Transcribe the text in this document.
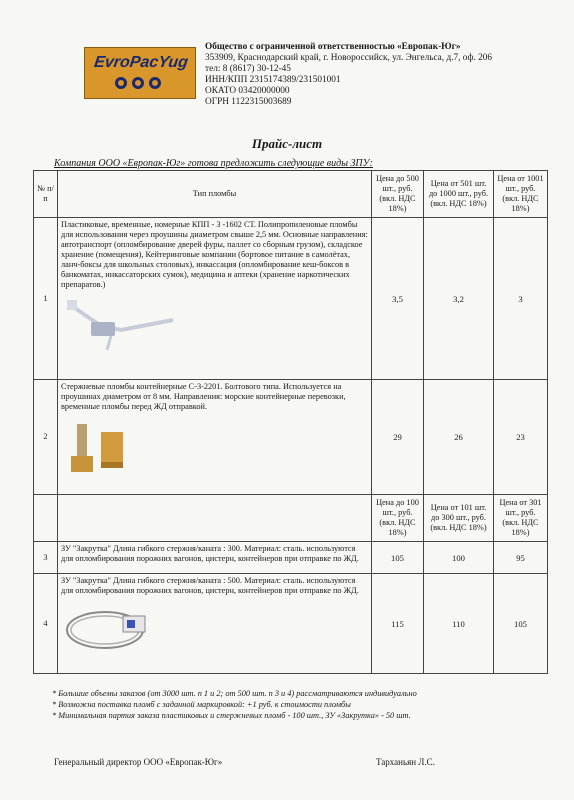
EvroPacYug
Общество с ограниченной ответственностью «Европак-Юг»
353909, Краснодарский край, г. Новороссийск, ул. Энгельса, д.7, оф. 206
тел: 8 (8617) 30-12-45
ИНН/КПП 2315174389/231501001
ОКАТО 03420000000
ОГРН 1122315003689
Прайс-лист
Компания ООО «Европак-Юг» готова предложить следующие виды ЗПУ:
№ п/п	Тип пломбы	Цена до 500 шт., руб. (вкл. НДС 18%)	Цена от 501 шт. до 1000 шт., руб. (вкл. НДС 18%)	Цена от 1001 шт., руб. (вкл. НДС 18%)
1	Пластиковые, временные, номерные КПП - 3 -1602 СТ. Полипропиленовые пломбы для использования через проушины диаметром свыше 2,5 мм. Основные направления: автотранспорт (опломбирование дверей фуры, паллет со сборным грузом), складское хранение (помещения), Кейтеринговые компании (бортовое питание в самолётах, ланч-боксы для школьных столовых), инкассация (опломбирование кеш-боксов в банкоматах, инкассаторских сумок), медицина и аптеки (хранение наркотических препаратов.)	3,5	3,2	3
2	Стержневые пломбы контейнерные С-3-2201. Болтового типа. Используется на проушинах диаметром от 8 мм. Направления: морские контейнерные перевозки, временные пломбы перед ЖД отправкой.	29	26	23
		Цена до 100 шт., руб. (вкл. НДС 18%)	Цена от 101 шт. до 300 шт., руб. (вкл. НДС 18%)	Цена от 301 шт., руб. (вкл. НДС 18%)
3	ЗУ "Закрутка" Длина гибкого стержня/каната : 300. Материал: сталь. используются для опломбирования порожних вагонов, цистерн, контейнеров при отправке по ЖД.	105	100	95
4	ЗУ "Закрутка" Длина гибкого стержня/каната : 500. Материал: сталь. используются для опломбирования порожних вагонов, цистерн, контейнеров при отправке по ЖД.	115	110	105
* Большие объемы заказов (от 3000 шт. п 1 и 2; от 500 шт. п 3 и 4) рассматриваются индивидуально
* Возможна поставка пломб с заданной маркировкой: +1 руб. к стоимости пломбы
* Минимальная партия заказа пластиковых и стержневых пломб - 100 шт., ЗУ «Закрутка» - 50 шт.
Генеральный директор ООО «Европак-Юг»	Тарханьян Л.С.
